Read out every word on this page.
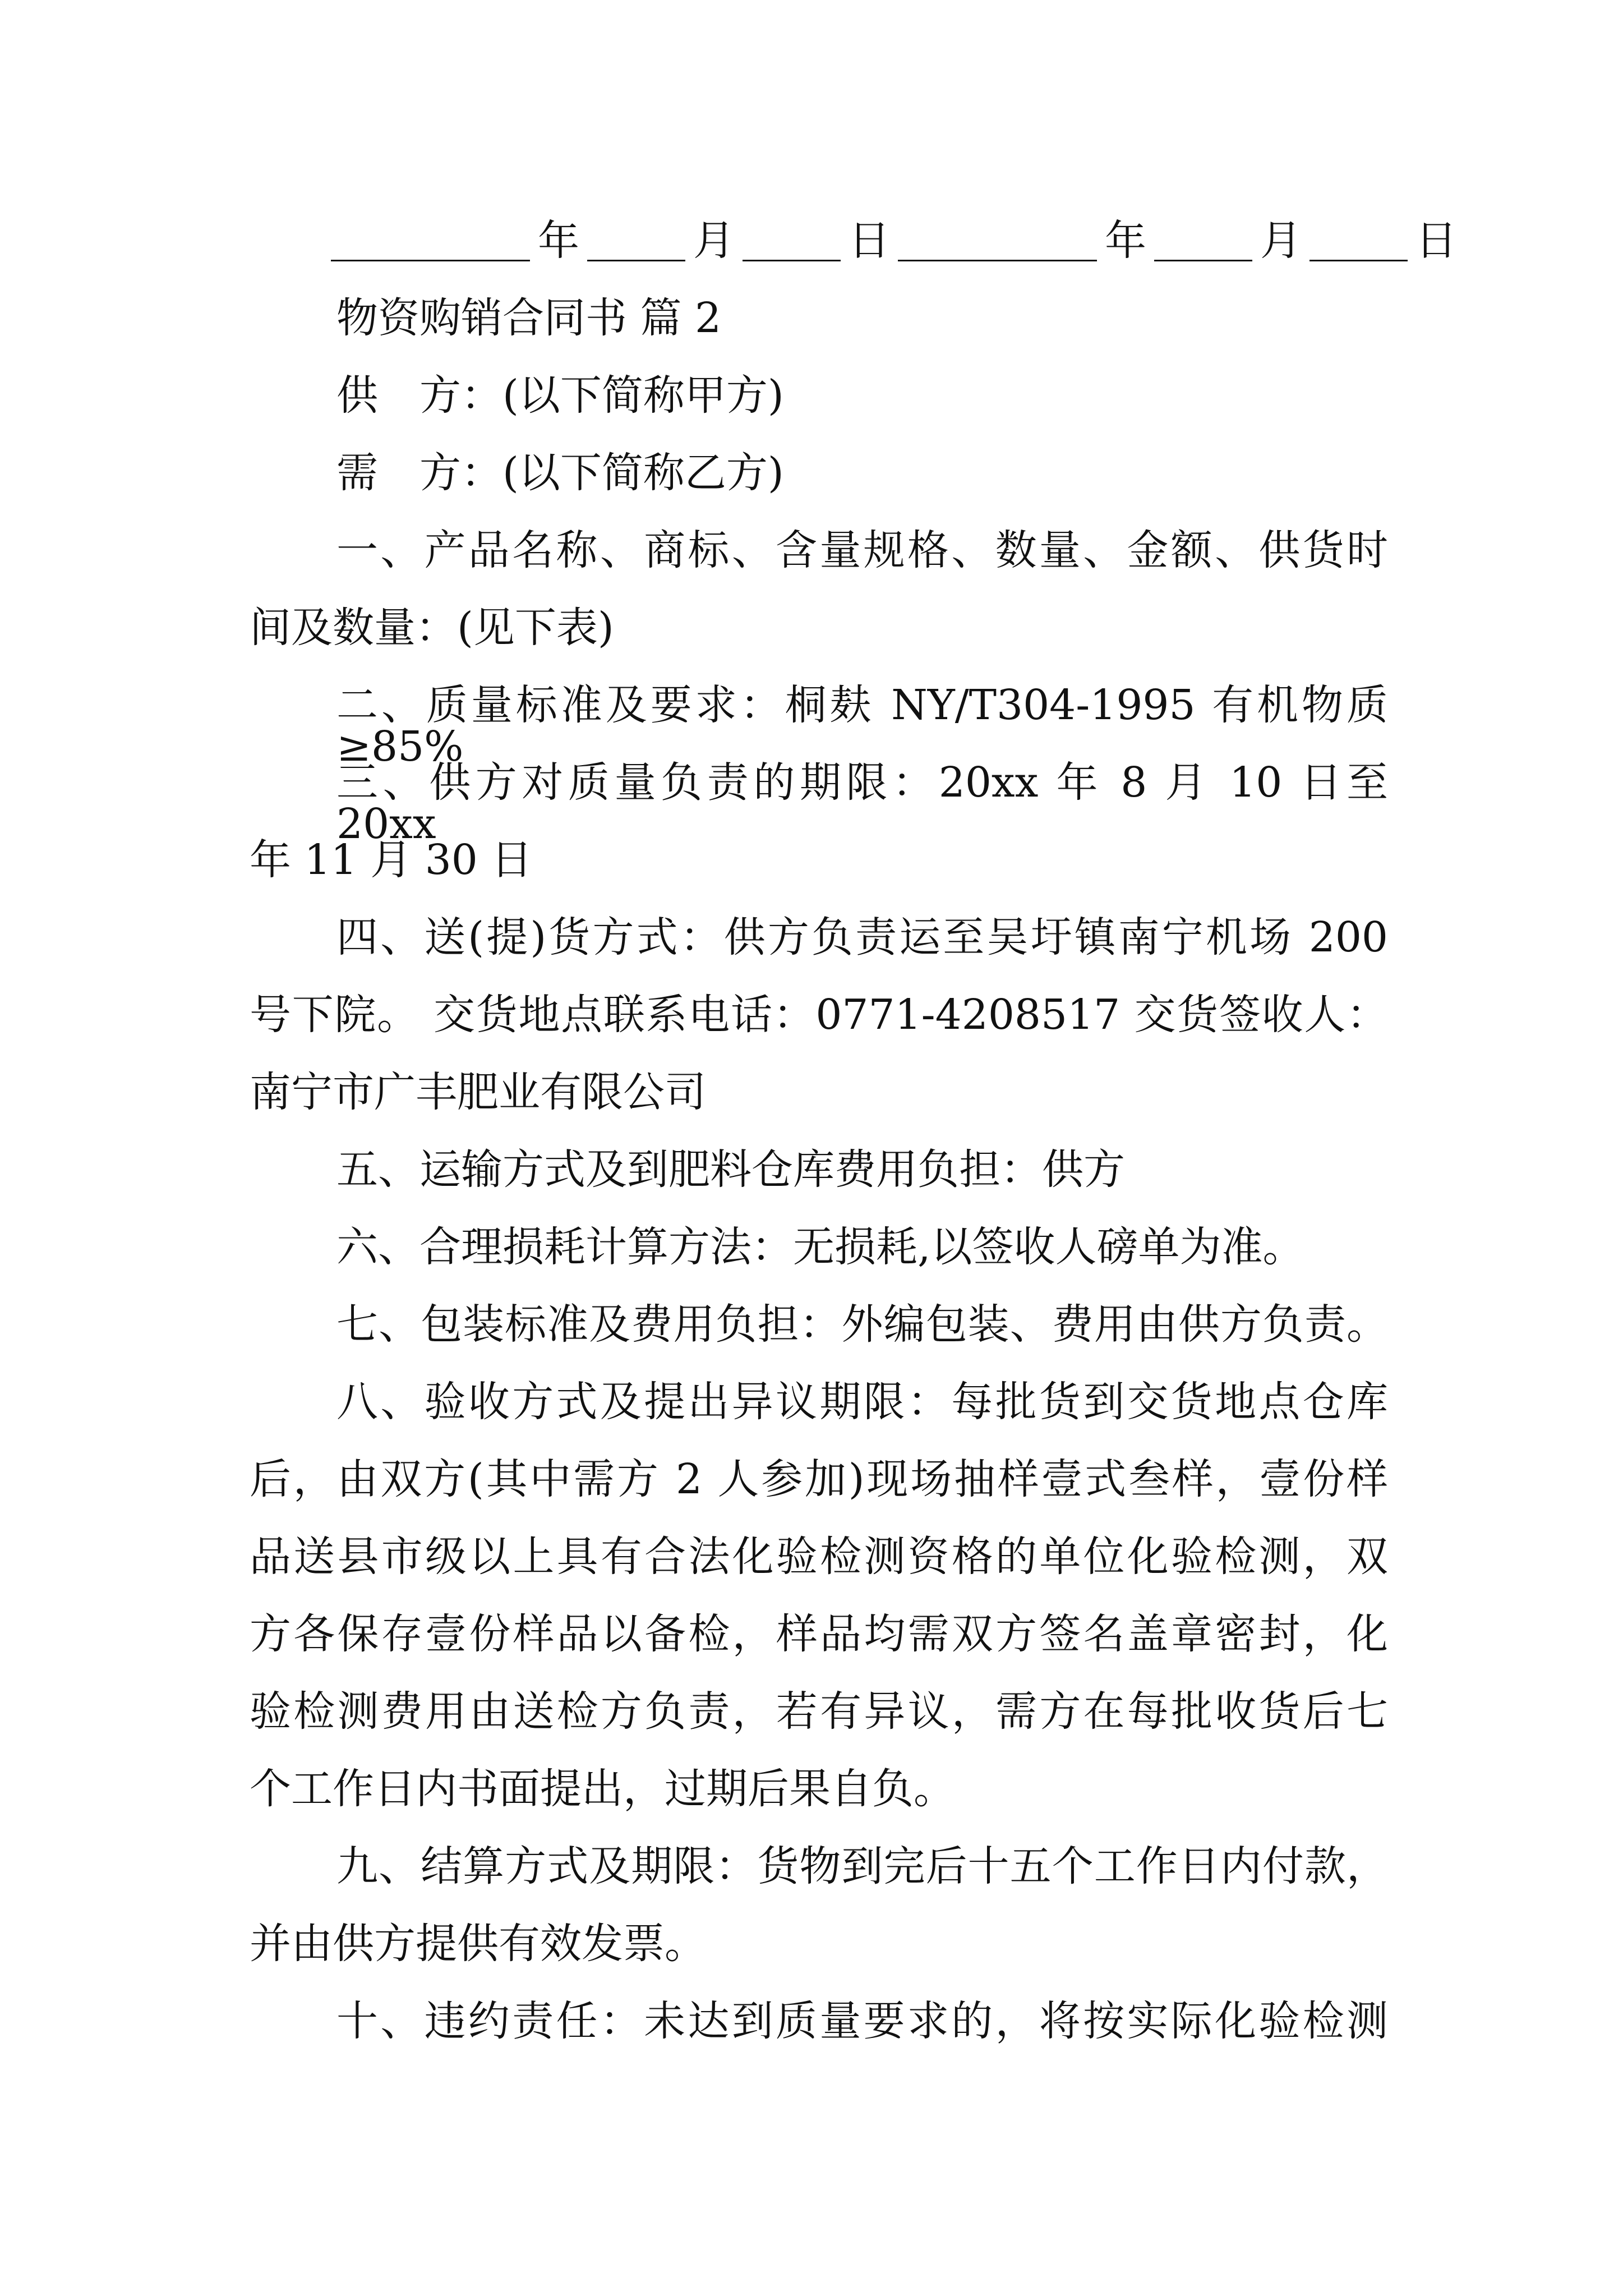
年	月	日	年	月	日
物资购销合同书 篇 2
供　方：(以下简称甲方)
需　方：(以下简称乙方)
一、产品名称、商标、含量规格、数量、金额、供货时
间及数量：(见下表)
二、质量标准及要求：桐麸 NY/T304-1995 有机物质≥85%
三、供方对质量负责的期限：20xx 年 8 月 10 日至 20xx
年 11 月 30 日
四、送(提)货方式：供方负责运至吴圩镇南宁机场 200
号下院。 交货地点联系电话：0771-4208517 交货签收人：
南宁市广丰肥业有限公司
五、运输方式及到肥料仓库费用负担：供方
六、合理损耗计算方法：无损耗,以签收人磅单为准。
七、包装标准及费用负担：外编包装、费用由供方负责。
八、验收方式及提出异议期限：每批货到交货地点仓库
后，由双方(其中需方 2 人参加)现场抽样壹式叁样，壹份样
品送县市级以上具有合法化验检测资格的单位化验检测，双
方各保存壹份样品以备检，样品均需双方签名盖章密封，化
验检测费用由送检方负责，若有异议，需方在每批收货后七
个工作日内书面提出，过期后果自负。
九、结算方式及期限：货物到完后十五个工作日内付款，
并由供方提供有效发票。
十、违约责任：未达到质量要求的，将按实际化验检测
